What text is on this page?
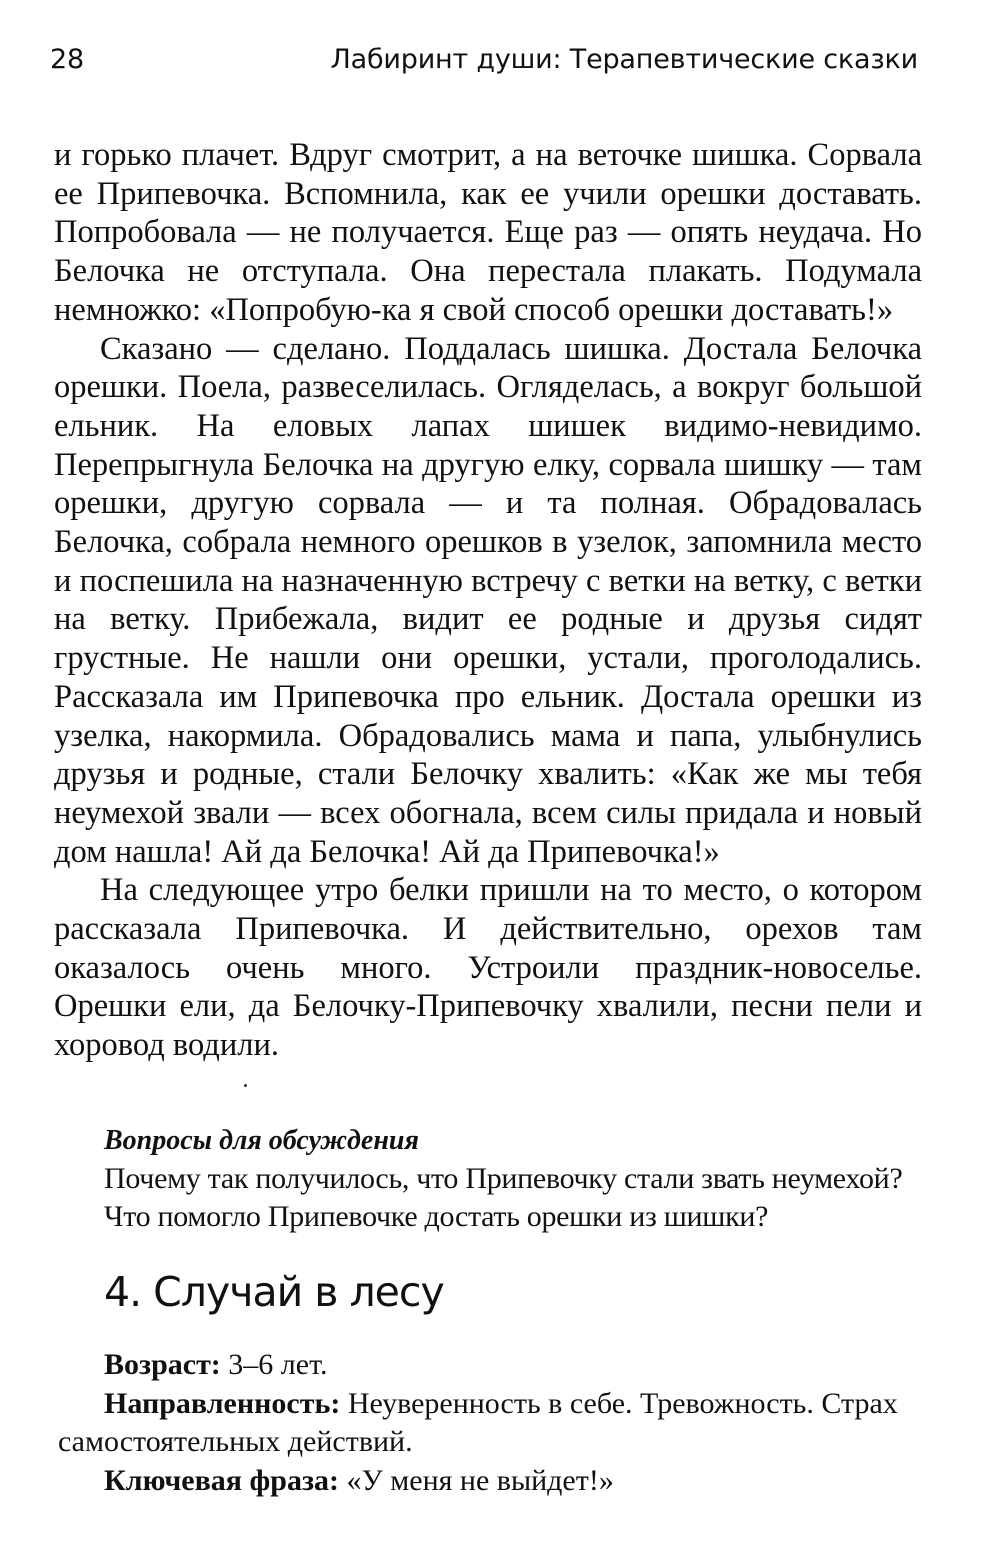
28	Лабиринт души: Терапевтические сказки

и горько плачет. Вдруг смотрит, а на веточке шишка. Сорвала ее Припевочка. Вспомнила, как ее учили орешки доставать. Попробовала — не получается. Еще раз — опять неудача. Но Белочка не отступала. Она перестала плакать. Подумала немножко: «Попробую-ка я свой способ орешки доставать!»

Сказано — сделано. Поддалась шишка. Достала Белочка орешки. Поела, развеселилась. Огляделась, а вокруг большой ельник. На еловых лапах шишек видимо-невидимо. Перепрыгнула Белочка на другую елку, сорвала шишку — там орешки, другую сорвала — и та полная. Обрадовалась Белочка, собрала немного орешков в узелок, запомнила место и поспешила на назначенную встречу с ветки на ветку, с ветки на ветку. Прибежала, видит ее родные и друзья сидят грустные. Не нашли они орешки, устали, проголодались. Рассказала им Припевочка про ельник. Достала орешки из узелка, накормила. Обрадовались мама и папа, улыбнулись друзья и родные, стали Белочку хвалить: «Как же мы тебя неумехой звали — всех обогнала, всем силы придала и новый дом нашла! Ай да Белочка! Ай да Припевочка!»

На следующее утро белки пришли на то место, о котором рассказала Припевочка. И действительно, орехов там оказалось очень много. Устроили праздник-новоселье. Орешки ели, да Белочку-Припевочку хвалили, песни пели и хоровод водили.

Вопросы для обсуждения
Почему так получилось, что Припевочку стали звать неумехой?
Что помогло Припевочке достать орешки из шишки?
4. Случай в лесу

Возраст: 3–6 лет.

Направленность: Неуверенность в себе. Тревожность. Страх самостоятельных действий.

Ключевая фраза: «У меня не выйдет!»
